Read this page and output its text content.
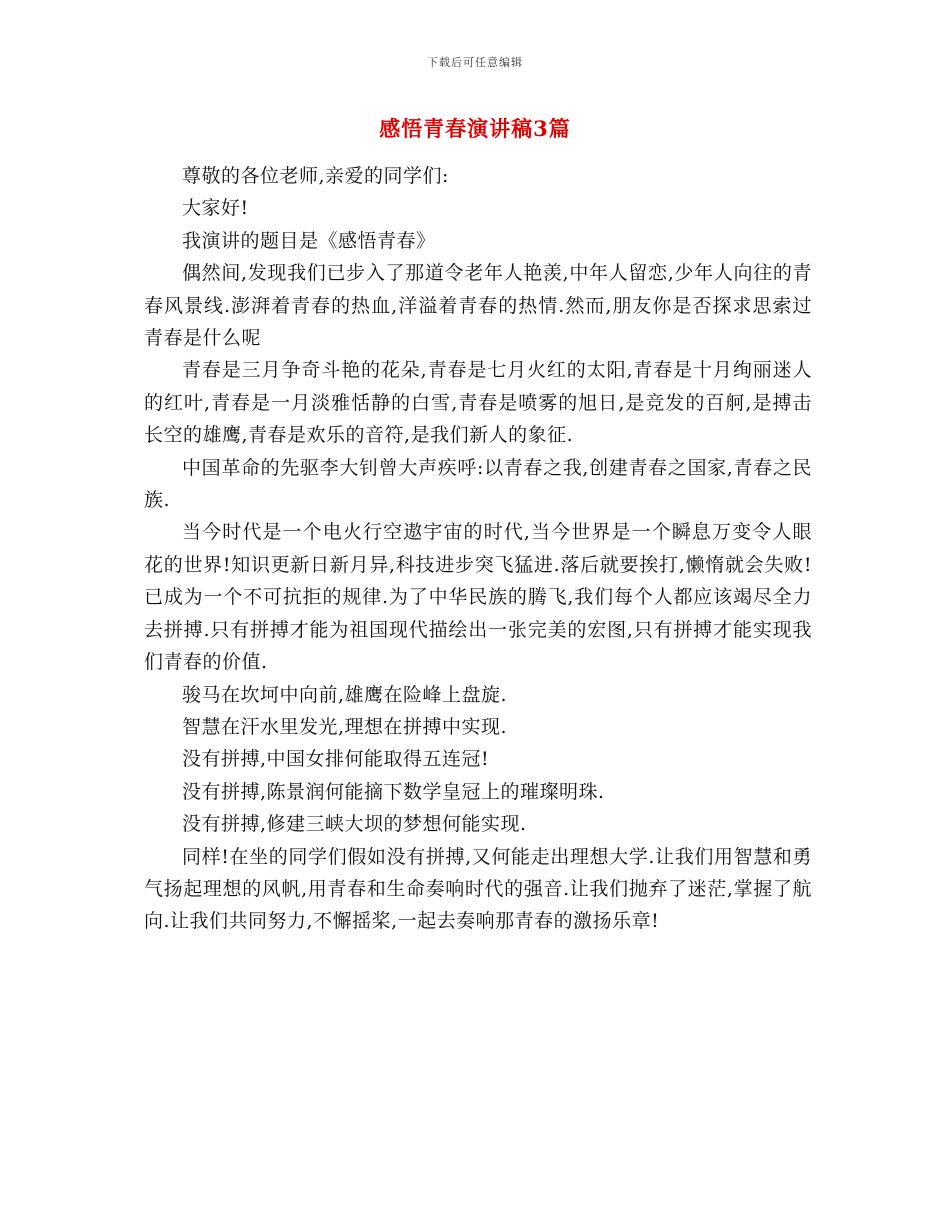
下载后可任意编辑
感悟青春演讲稿3篇

尊敬的各位老师,亲爱的同学们:

大家好!

我演讲的题目是《感悟青春》

偶然间,发现我们已步入了那道令老年人艳羡,中年人留恋,少年人向往的青春风景线.澎湃着青春的热血,洋溢着青春的热情.然而,朋友你是否探求思索过青春是什么呢

青春是三月争奇斗艳的花朵,青春是七月火红的太阳,青春是十月绚丽迷人的红叶,青春是一月淡雅恬静的白雪,青春是喷雾的旭日,是竞发的百舸,是搏击长空的雄鹰,青春是欢乐的音符,是我们新人的象征.

中国革命的先驱李大钊曾大声疾呼:以青春之我,创建青春之国家,青春之民族.

当今时代是一个电火行空遨宇宙的时代,当今世界是一个瞬息万变令人眼花的世界!知识更新日新月异,科技进步突飞猛进.落后就要挨打,懒惰就会失败!已成为一个不可抗拒的规律.为了中华民族的腾飞,我们每个人都应该竭尽全力去拼搏.只有拼搏才能为祖国现代描绘出一张完美的宏图,只有拼搏才能实现我们青春的价值.

骏马在坎坷中向前,雄鹰在险峰上盘旋.

智慧在汗水里发光,理想在拼搏中实现.

没有拼搏,中国女排何能取得五连冠!

没有拼搏,陈景润何能摘下数学皇冠上的璀璨明珠.

没有拼搏,修建三峡大坝的梦想何能实现.

同样!在坐的同学们假如没有拼搏,又何能走出理想大学.让我们用智慧和勇气扬起理想的风帆,用青春和生命奏响时代的强音.让我们抛弃了迷茫,掌握了航向.让我们共同努力,不懈摇桨,一起去奏响那青春的激扬乐章!
